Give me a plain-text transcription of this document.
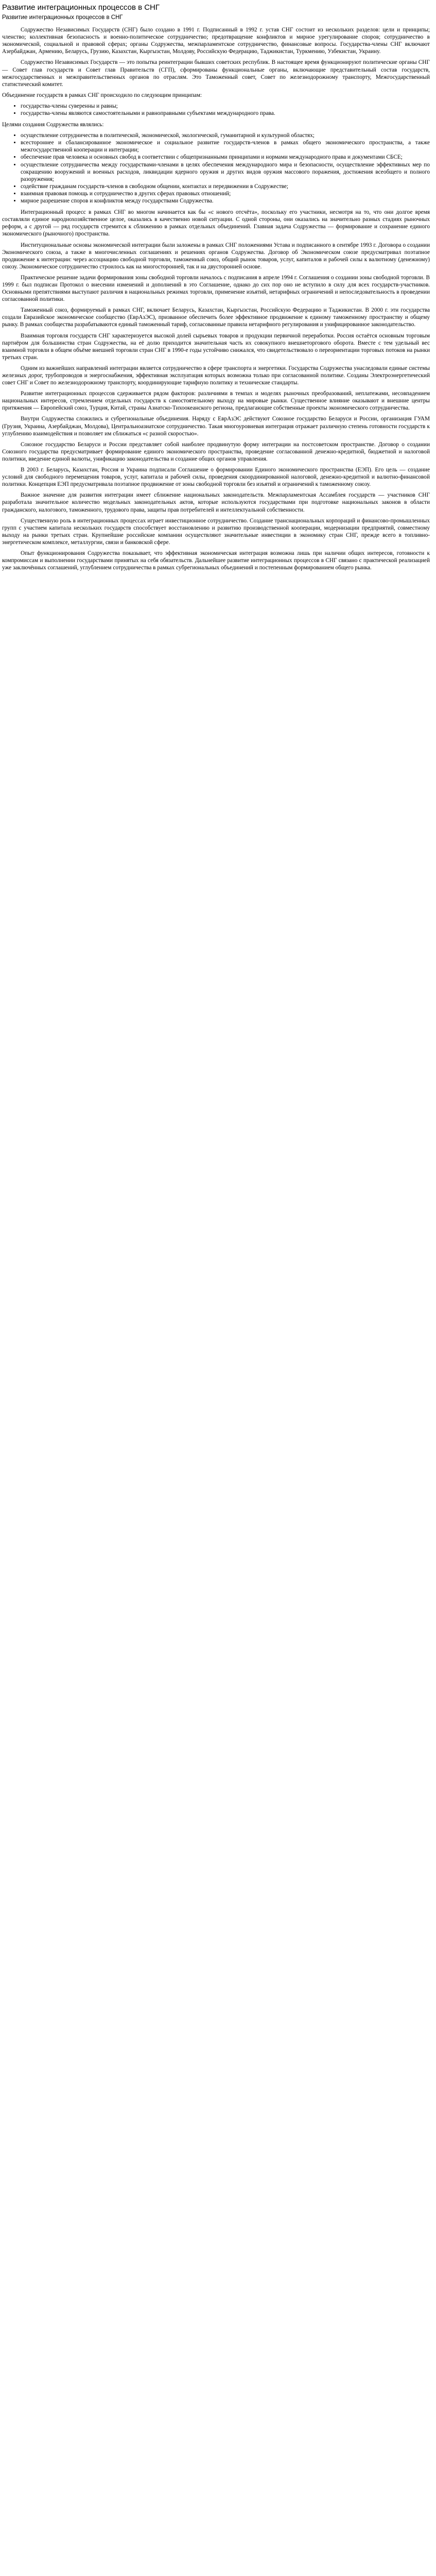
Развитие интеграционных процессов в СНГ
Развитие интеграционных процессов в СНГ

Содружество Независимых Государств (СНГ) было создано в 1991 г. Подписанный в 1992 г. устав СНГ состоит из нескольких разделов: цели и принципы; членство; коллективная безопасность и военно-политическое сотрудничество; предотвращение конфликтов и мирное урегулирование споров; сотрудничество в экономической, социальной и правовой сферах; органы Содружества, межпарламентское сотрудничество, финансовые вопросы. Государства-члены СНГ включают Азербайджан, Армению, Беларусь, Грузию, Казахстан, Кыргызстан, Молдову, Российскую Федерацию, Таджикистан, Туркмению, Узбекистан, Украину.

Содружество Независимых Государств — это попытка реинтеграции бывших советских республик. В настоящее время функционируют политические органы СНГ — Совет глав государств и Совет глав Правительств (СГП), сформированы функциональные органы, включающие представительный состав государств, межгосударственных и межправительственных органов по отраслям. Это Таможенный совет, Совет по железнодорожному транспорту, Межгосударственный статистический комитет.

Объединение государств в рамках СНГ происходило по следующим принципам:

• государства-члены суверенны и равны;
• государства-члены являются самостоятельными и равноправными субъектами международного права.

Целями создания Содружества являлись:

• осуществление сотрудничества в политической, экономической, экологической, гуманитарной и культурной областях;
• всестороннее и сбалансированное экономическое и социальное развитие государств-членов в рамках общего экономического пространства, а также межгосударственной кооперации и интеграции;
• обеспечение прав человека и основных свобод в соответствии с общепризнанными принципами и нормами международного права и документами СБСЕ;
• осуществление сотрудничества между государствами-членами в целях обеспечения международного мира и безопасности, осуществление эффективных мер по сокращению вооружений и военных расходов, ликвидации ядерного оружия и других видов оружия массового поражения, достижения всеобщего и полного разоружения;
• содействие гражданам государств-членов в свободном общении, контактах и передвижении в Содружестве;
• взаимная правовая помощь и сотрудничество в других сферах правовых отношений;
• мирное разрешение споров и конфликтов между государствами Содружества.

Интеграционный процесс в рамках СНГ во многом начинается как бы «с нового отсчёта», поскольку его участники, несмотря на то, что они долгое время составляли единое народнохозяйственное целое, оказались в качественно новой ситуации. С одной стороны, они оказались на значительно разных стадиях рыночных реформ, а с другой — ряд государств стремится к сближению в рамках отдельных объединений. Главная задача Содружества — формирование и сохранение единого экономического (рыночного) пространства.

Институциональные основы экономической интеграции были заложены в рамках СНГ положениями Устава и подписанного в сентябре 1993 г. Договора о создании Экономического союза, а также в многочисленных соглашениях и решениях органов Содружества. Договор об Экономическом союзе предусматривал поэтапное продвижение к интеграции: через ассоциацию свободной торговли, таможенный союз, общий рынок товаров, услуг, капиталов и рабочей силы к валютному (денежному) союзу. Экономическое сотрудничество строилось как на многосторонней, так и на двусторонней основе.

Практическое решение задачи формирования зоны свободной торговли началось с подписания в апреле 1994 г. Соглашения о создании зоны свободной торговли. В 1999 г. был подписан Протокол о внесении изменений и дополнений в это Соглашение, однако до сих пор оно не вступило в силу для всех государств-участников. Основными препятствиями выступают различия в национальных режимах торговли, применение изъятий, нетарифных ограничений и непоследовательность в проведении согласованной политики.

Таможенный союз, формируемый в рамках СНГ, включает Беларусь, Казахстан, Кыргызстан, Российскую Федерацию и Таджикистан. В 2000 г. эти государства создали Евразийское экономическое сообщество (ЕврАзЭС), призванное обеспечить более эффективное продвижение к единому таможенному пространству и общему рынку. В рамках сообщества разрабатываются единый таможенный тариф, согласованные правила нетарифного регулирования и унифицированное законодательство.

Взаимная торговля государств СНГ характеризуется высокой долей сырьевых товаров и продукции первичной переработки. Россия остаётся основным торговым партнёром для большинства стран Содружества, на её долю приходится значительная часть их совокупного внешнеторгового оборота. Вместе с тем удельный вес взаимной торговли в общем объёме внешней торговли стран СНГ в 1990-е годы устойчиво снижался, что свидетельствовало о переориентации торговых потоков на рынки третьих стран.

Одним из важнейших направлений интеграции является сотрудничество в сфере транспорта и энергетики. Государства Содружества унаследовали единые системы железных дорог, трубопроводов и энергоснабжения, эффективная эксплуатация которых возможна только при согласованной политике. Созданы Электроэнергетический совет СНГ и Совет по железнодорожному транспорту, координирующие тарифную политику и технические стандарты.

Развитие интеграционных процессов сдерживается рядом факторов: различиями в темпах и моделях рыночных преобразований, неплатежами, несовпадением национальных интересов, стремлением отдельных государств к самостоятельному выходу на мировые рынки. Существенное влияние оказывают и внешние центры притяжения — Европейский союз, Турция, Китай, страны Азиатско-Тихоокеанского региона, предлагающие собственные проекты экономического сотрудничества.

Внутри Содружества сложились и субрегиональные объединения. Наряду с ЕврАзЭС действуют Союзное государство Беларуси и России, организация ГУАМ (Грузия, Украина, Азербайджан, Молдова), Центральноазиатское сотрудничество. Такая многоуровневая интеграция отражает различную степень готовности государств к углублению взаимодействия и позволяет им сближаться «с разной скоростью».

Союзное государство Беларуси и России представляет собой наиболее продвинутую форму интеграции на постсоветском пространстве. Договор о создании Союзного государства предусматривает формирование единого экономического пространства, проведение согласованной денежно-кредитной, бюджетной и налоговой политики, введение единой валюты, унификацию законодательства и создание общих органов управления.

В 2003 г. Беларусь, Казахстан, Россия и Украина подписали Соглашение о формировании Единого экономического пространства (ЕЭП). Его цель — создание условий для свободного перемещения товаров, услуг, капитала и рабочей силы, проведения скоординированной налоговой, денежно-кредитной и валютно-финансовой политики. Концепция ЕЭП предусматривала поэтапное продвижение от зоны свободной торговли без изъятий и ограничений к таможенному союзу.

Важное значение для развития интеграции имеет сближение национальных законодательств. Межпарламентская Ассамблея государств — участников СНГ разработала значительное количество модельных законодательных актов, которые используются государствами при подготовке национальных законов в области гражданского, налогового, таможенного, трудового права, защиты прав потребителей и интеллектуальной собственности.

Существенную роль в интеграционных процессах играет инвестиционное сотрудничество. Создание транснациональных корпораций и финансово-промышленных групп с участием капитала нескольких государств способствует восстановлению и развитию производственной кооперации, модернизации предприятий, совместному выходу на рынки третьих стран. Крупнейшие российские компании осуществляют значительные инвестиции в экономику стран СНГ, прежде всего в топливно-энергетическом комплексе, металлургии, связи и банковской сфере.

Опыт функционирования Содружества показывает, что эффективная экономическая интеграция возможна лишь при наличии общих интересов, готовности к компромиссам и выполнении государствами принятых на себя обязательств. Дальнейшее развитие интеграционных процессов в СНГ связано с практической реализацией уже заключённых соглашений, углублением сотрудничества в рамках субрегиональных объединений и постепенным формированием общего рынка.
